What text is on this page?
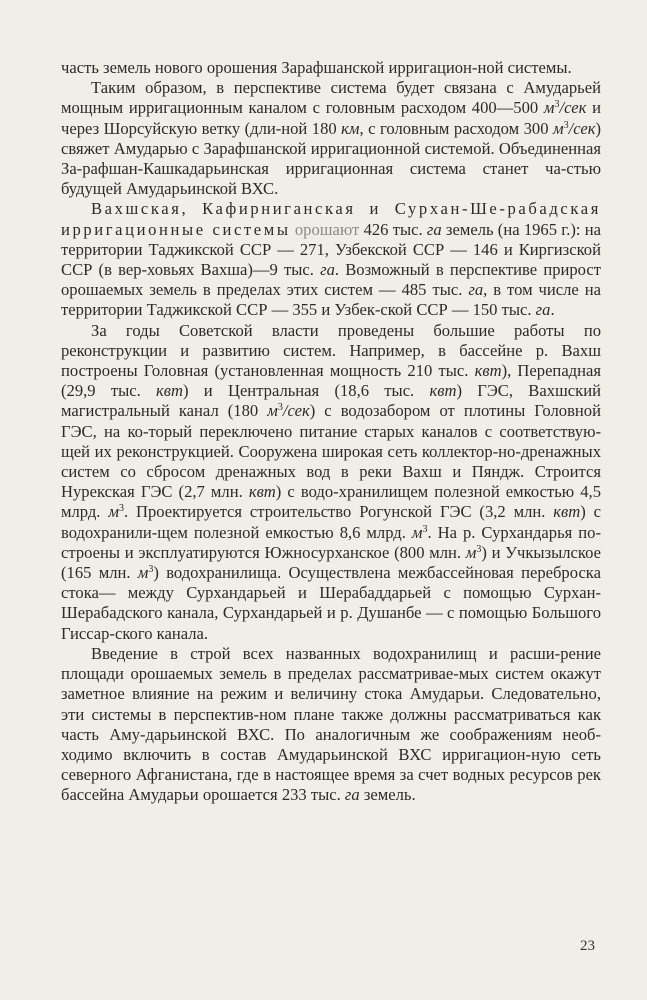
часть земель нового орошения Зарафшанской ирригацион-ной системы.

Таким образом, в перспективе система будет связана с Амударьей мощным ирригационным каналом с головным расходом 400—500 $м^3$/сек и через Шорсуйскую ветку (дли-ной 180 км, с головным расходом 300 $м^3/сек$) свяжет Амударью с Зарафшанской ирригационной системой. Объединенная За-рафшан-Кашкадарьинская ирригационная система станет ча-стью будущей Амударьинской ВХС.

Вахшская, Кафирниганская и Сурхан-Ше-рабадская ирригационные системы орошают 426 тыс. га земель (на 1965 г.): на территории Таджикской ССР — 271, Узбекской ССР — 146 и Киргизской ССР (в вер-ховьях Вахша)—9 тыс. га. Возможный в перспективе прирост орошаемых земель в пределах этих систем — 485 тыс. га, в том числе на территории Таджикской ССР — 355 и Узбек-ской ССР — 150 тыс. га.

За годы Советской власти проведены большие работы по реконструкции и развитию систем. Например, в бассейне р. Вахш построены Головная (установленная мощность 210 тыс. квт), Перепадная (29,9 тыс. квт) и Центральная (18,6 тыс. квт) ГЭС, Вахшский магистральный канал (180 $м^3/сек$) с водозабором от плотины Головной ГЭС, на ко-торый переключено питание старых каналов с соответствую-щей их реконструкцией. Сооружена широкая сеть коллектор-но-дренажных систем со сбросом дренажных вод в реки Вахш и Пяндж. Строится Нурекская ГЭС (2,7 млн. квт) с водо-хранилищем полезной емкостью 4,5 млрд. $м^3$. Проектируется строительство Рогунской ГЭС (3,2 млн. квт) с водохранили-щем полезной емкостью 8,6 млрд. $м^3$. На р. Сурхандарья по-строены и эксплуатируются Южносурханское (800 млн. $м^3$) и Учкызылское (165 млн. $м^3$) водохранилища. Осуществлена межбассейновая переброска стока— между Сурхандарьей и Шерабаддарьей с помощью Сурхан-Шерабадского канала, Сурхандарьей и р. Душанбе — с помощью Большого Гиссар-ского канала.

Введение в строй всех названных водохранилищ и расши-рение площади орошаемых земель в пределах рассматривае-мых систем окажут заметное влияние на режим и величину стока Амударьи. Следовательно, эти системы в перспектив-ном плане также должны рассматриваться как часть Аму-дарьинской ВХС. По аналогичным же соображениям необ-ходимо включить в состав Амударьинской ВХС ирригацион-ную сеть северного Афганистана, где в настоящее время за счет водных ресурсов рек бассейна Амударьи орошается 233 тыс. га земель.

23
